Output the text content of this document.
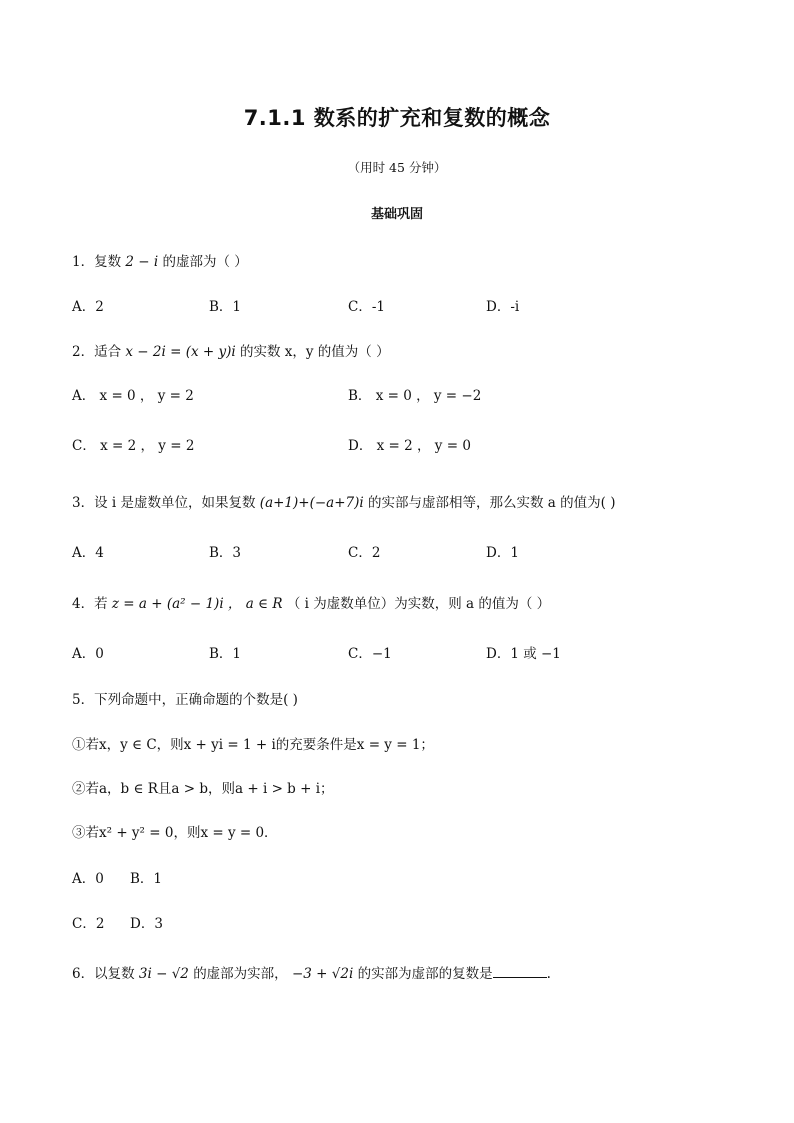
7.1.1 数系的扩充和复数的概念
（用时 45 分钟）
基础巩固
1．复数 2 − i 的虚部为（ ）
A．2	B．1	C．-1	D．-i
2．适合 x − 2i = (x + y)i 的实数 x，y 的值为（ ）
A． x = 0 ， y = 2	B． x = 0 ， y = −2
C． x = 2 ， y = 2	D． x = 2 ， y = 0
3．设 i 是虚数单位，如果复数 (a+1)+(−a+7)i 的实部与虚部相等，那么实数 a 的值为( )
A．4	B．3	C．2	D．1
4．若 z = a + (a² − 1)i ， a ∈ R （ i 为虚数单位）为实数，则 a 的值为（ ）
A．0	B．1	C．−1	D．1 或 −1
5．下列命题中，正确命题的个数是( )
①若x，y ∈ C，则x + yi = 1 + i的充要条件是x = y = 1；
②若a，b ∈ R且a > b，则a + i > b + i；
③若x² + y² = 0，则x = y = 0．
A．0 B．1
C．2 D．3
6．以复数 3i − √2 的虚部为实部， −3 + √2i 的实部为虚部的复数是	.
